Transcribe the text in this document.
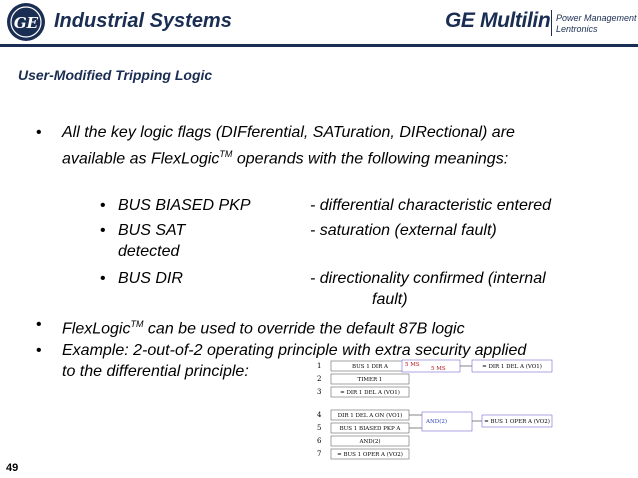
GE Industrial Systems	GE Multilin Power Management
Lentronics
User-Modified Tripping Logic
• All the key logic flags (DIFferential, SATuration, DIRectional) are
available as FlexLogic™ operands with the following meanings:
• BUS BIASED PKP	- differential characteristic entered
• BUS SAT	- saturation (external fault)
detected
• BUS DIR	- directionality confirmed (internal
fault)
• FlexLogic™ can be used to override the default 87B logic
• Example: 2-out-of-2 operating principle with extra security applied
to the differential principle:	1
2
3
4
5
6
7
BUS 1 DIR A
TIMER 1
= DIR 1 DEL A (VO1)
DIR 1 DEL A ON (VO1)
BUS 1 BIASED PKP A
AND(2)
= BUS 1 OPER A (VO2)
5 MS
5 MS	= DIR 1 DEL A (VO1)
AND(2)	= BUS 1 OPER A (VO2)
49
